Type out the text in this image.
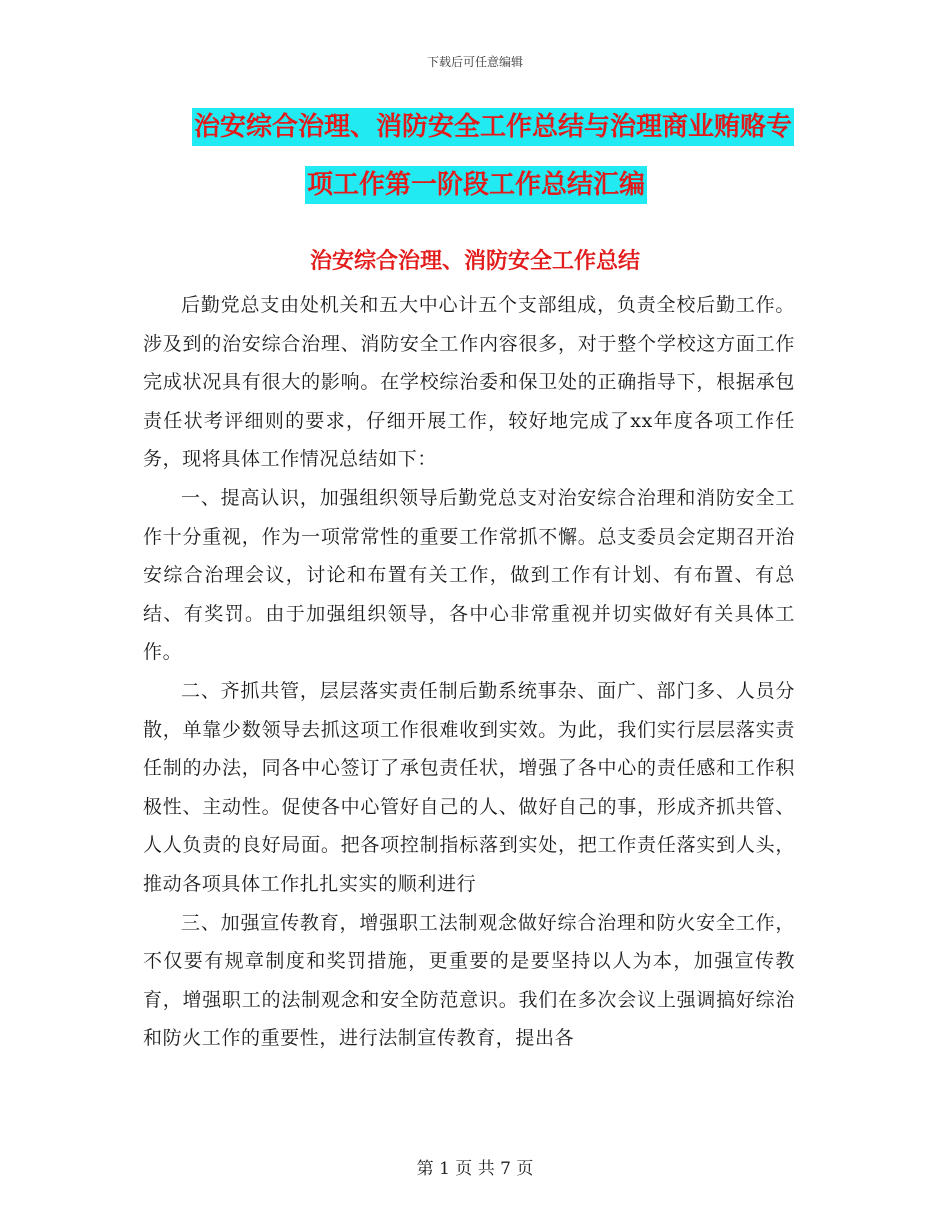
下载后可任意编辑
治安综合治理、消防安全工作总结与治理商业贿赂专
项工作第一阶段工作总结汇编
治安综合治理、消防安全工作总结

后勤党总支由处机关和五大中心计五个支部组成，负责全校后勤工作。涉及到的治安综合治理、消防安全工作内容很多，对于整个学校这方面工作完成状况具有很大的影响。在学校综治委和保卫处的正确指导下，根据承包责任状考评细则的要求，仔细开展工作，较好地完成了xx年度各项工作任务，现将具体工作情况总结如下：

一、提高认识，加强组织领导后勤党总支对治安综合治理和消防安全工作十分重视，作为一项常常性的重要工作常抓不懈。总支委员会定期召开治安综合治理会议，讨论和布置有关工作，做到工作有计划、有布置、有总结、有奖罚。由于加强组织领导，各中心非常重视并切实做好有关具体工作。

二、齐抓共管，层层落实责任制后勤系统事杂、面广、部门多、人员分散，单靠少数领导去抓这项工作很难收到实效。为此，我们实行层层落实责任制的办法，同各中心签订了承包责任状，增强了各中心的责任感和工作积极性、主动性。促使各中心管好自己的人、做好自己的事，形成齐抓共管、人人负责的良好局面。把各项控制指标落到实处，把工作责任落实到人头，推动各项具体工作扎扎实实的顺利进行

三、加强宣传教育，增强职工法制观念做好综合治理和防火安全工作，不仅要有规章制度和奖罚措施，更重要的是要坚持以人为本，加强宣传教育，增强职工的法制观念和安全防范意识。我们在多次会议上强调搞好综治和防火工作的重要性，进行法制宣传教育，提出各

第 1 页 共 7 页
